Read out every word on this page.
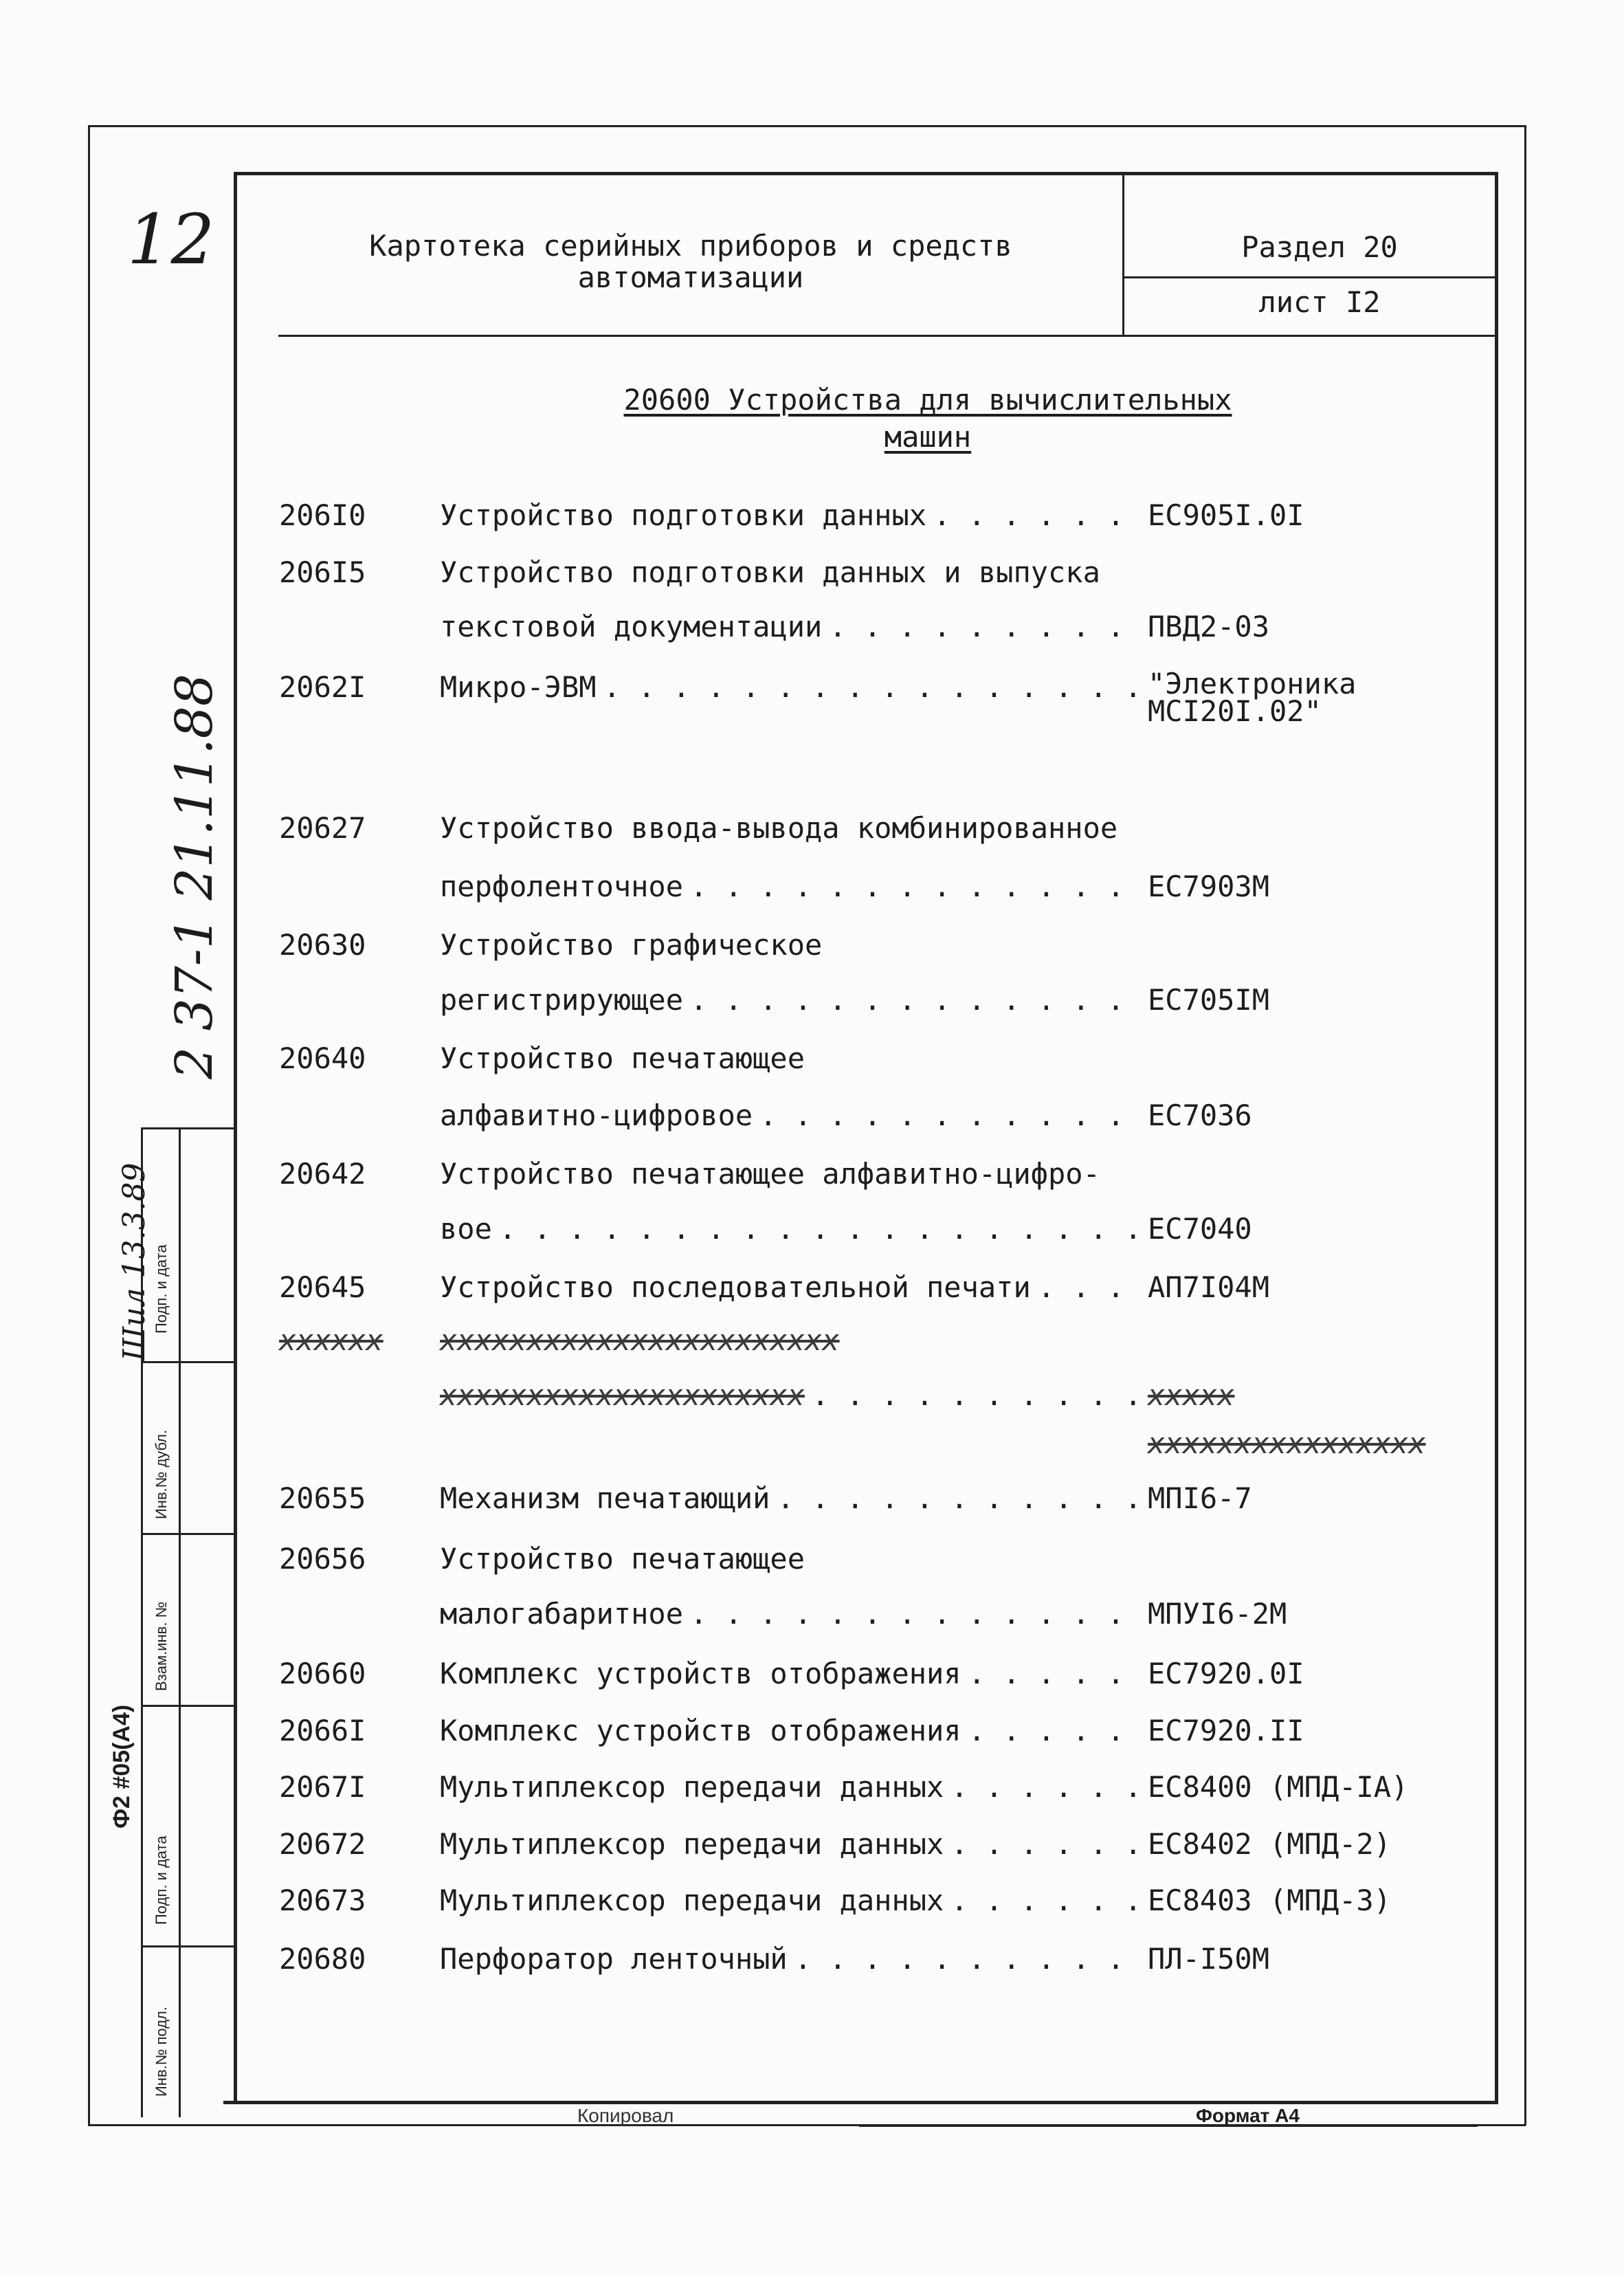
12
2 37-1 21.11.88
Шил 13.3.89
Ф2 #05(А4)
Подп. и дата
Инв.№ дубл.
Взам.инв. №
Подп. и дата
Инв.№ подл.
Картотека серийных приборов и средств
автоматизации
Раздел 20
лист I2
20600 Устройства для вычислительных
машин
206I0	Устройство подготовки данных . . .	ЕС905I.0I
206I5	Устройство подготовки данных и выпуска
текстовой документации . . .	ПВД2-03
2062I	Микро-ЭВМ . . .	"Электроника
МСI20I.02"
20627	Устройство ввода-вывода комбинированное
перфоленточное . . .	ЕС7903М
20630	Устройство графическое
регистрирующее . . .	ЕС705IМ
20640	Устройство печатающее
алфавитно-цифровое . . .	ЕС7036
20642	Устройство печатающее алфавитно-цифро-
вое . . .	ЕС7040
20645	Устройство последовательной печати . . .	АП7I04М
xxxxxx	xxxxxxxxxxxxxxxxxxxxxxx
xxxxxxxxxxxxxxxxxxxxx . . .	xxxxx
xxxxxxxxxxxxxxxx
20655	Механизм печатающий . . .	МПI6-7
20656	Устройство печатающее
малогабаритное . . .	МПУI6-2М
20660	Комплекс устройств отображения . . .	ЕС7920.0I
2066I	Комплекс устройств отображения . . .	ЕС7920.II
2067I	Мультиплексор передачи данных . . .	ЕС8400 (МПД-IА)
20672	Мультиплексор передачи данных . . .	ЕС8402 (МПД-2)
20673	Мультиплексор передачи данных . . .	ЕС8403 (МПД-3)
20680	Перфоратор ленточный . . .	ПЛ-I50М
Копировал	Формат А4
